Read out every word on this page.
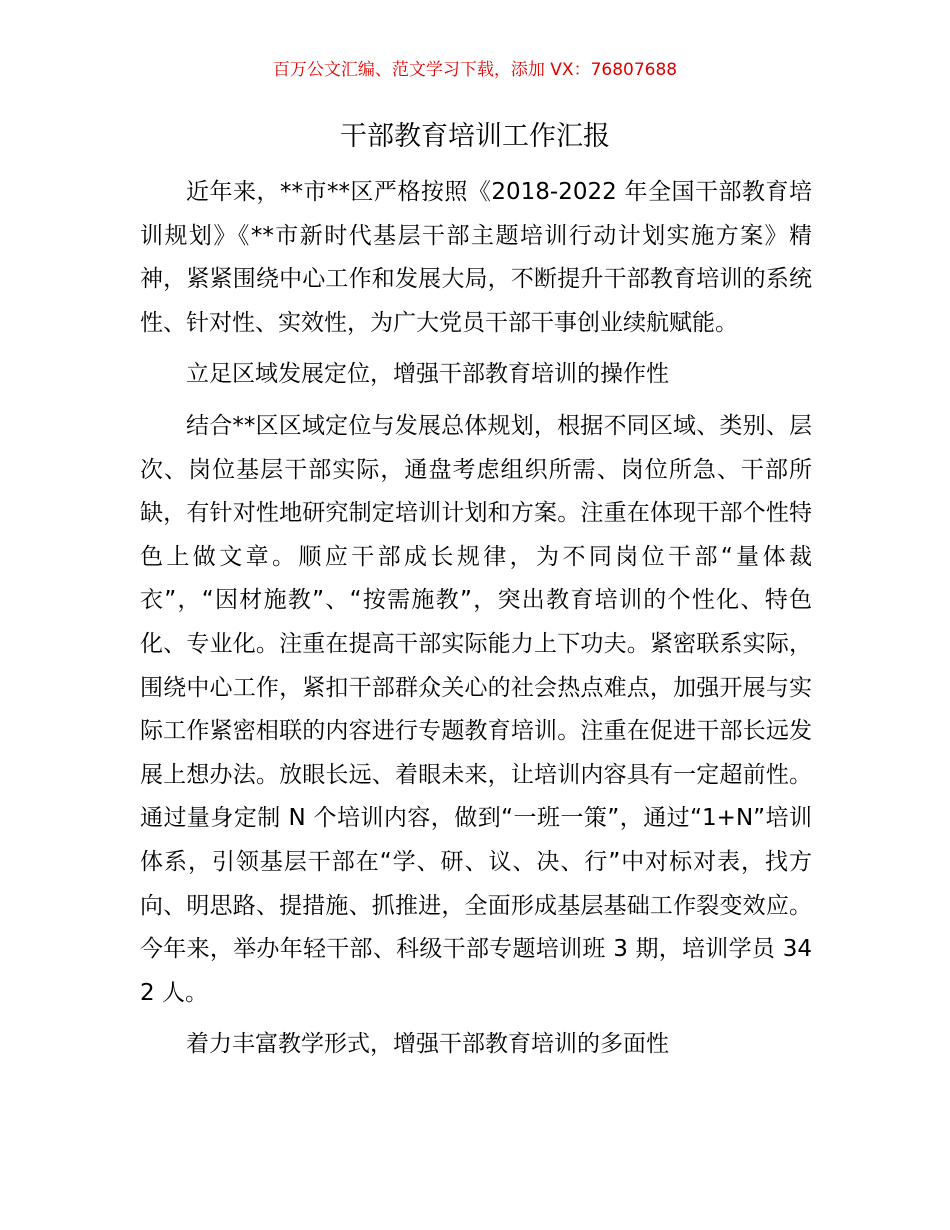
百万公文汇编、范文学习下载，添加 VX：76807688
干部教育培训工作汇报

近年来，**市**区严格按照《2018-2022 年全国干部教育培训规划》《**市新时代基层干部主题培训行动计划实施方案》精神，紧紧围绕中心工作和发展大局，不断提升干部教育培训的系统性、针对性、实效性，为广大党员干部干事创业续航赋能。

立足区域发展定位，增强干部教育培训的操作性

结合**区区域定位与发展总体规划，根据不同区域、类别、层次、岗位基层干部实际，通盘考虑组织所需、岗位所急、干部所缺，有针对性地研究制定培训计划和方案。注重在体现干部个性特色上做文章。顺应干部成长规律，为不同岗位干部“量体裁衣”，“因材施教”、“按需施教”，突出教育培训的个性化、特色化、专业化。注重在提高干部实际能力上下功夫。紧密联系实际，围绕中心工作，紧扣干部群众关心的社会热点难点，加强开展与实际工作紧密相联的内容进行专题教育培训。注重在促进干部长远发展上想办法。放眼长远、着眼未来，让培训内容具有一定超前性。通过量身定制 N 个培训内容，做到“一班一策”，通过“1+N”培训体系，引领基层干部在“学、研、议、决、行”中对标对表，找方向、明思路、提措施、抓推进，全面形成基层基础工作裂变效应。今年来，举办年轻干部、科级干部专题培训班 3 期，培训学员 342 人。

着力丰富教学形式，增强干部教育培训的多面性
